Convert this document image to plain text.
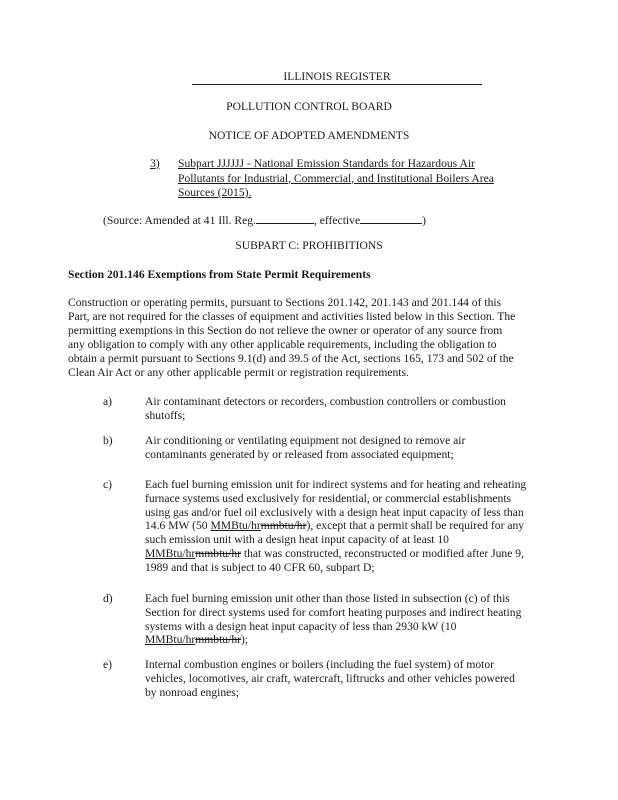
ILLINOIS REGISTER
POLLUTION CONTROL BOARD
NOTICE OF ADOPTED AMENDMENTS
3) Subpart JJJJJJ - National Emission Standards for Hazardous Air Pollutants for Industrial, Commercial, and Institutional Boilers Area Sources (2015).
(Source: Amended at 41 Ill. Reg.	, effective	)
SUBPART C: PROHIBITIONS
Section 201.146 Exemptions from State Permit Requirements
Construction or operating permits, pursuant to Sections 201.142, 201.143 and 201.144 of this
Part, are not required for the classes of equipment and activities listed below in this Section. The
permitting exemptions in this Section do not relieve the owner or operator of any source from
any obligation to comply with any other applicable requirements, including the obligation to
obtain a permit pursuant to Sections 9.1(d) and 39.5 of the Act, sections 165, 173 and 502 of the
Clean Air Act or any other applicable permit or registration requirements.
a)	Air contaminant detectors or recorders, combustion controllers or combustion
shutoffs;
b)	Air conditioning or ventilating equipment not designed to remove air
contaminants generated by or released from associated equipment;
c)	Each fuel burning emission unit for indirect systems and for heating and reheating
furnace systems used exclusively for residential, or commercial establishments
using gas and/or fuel oil exclusively with a design heat input capacity of less than
14.6 MW (50 MMBtu/hrmmbtu/hr), except that a permit shall be required for any
such emission unit with a design heat input capacity of at least 10
MMBtu/hrmmbtu/hr that was constructed, reconstructed or modified after June 9,
1989 and that is subject to 40 CFR 60, subpart D;
d)	Each fuel burning emission unit other than those listed in subsection (c) of this
Section for direct systems used for comfort heating purposes and indirect heating
systems with a design heat input capacity of less than 2930 kW (10
MMBtu/hrmmbtu/hr);
e)	Internal combustion engines or boilers (including the fuel system) of motor
vehicles, locomotives, air craft, watercraft, liftrucks and other vehicles powered
by nonroad engines;
